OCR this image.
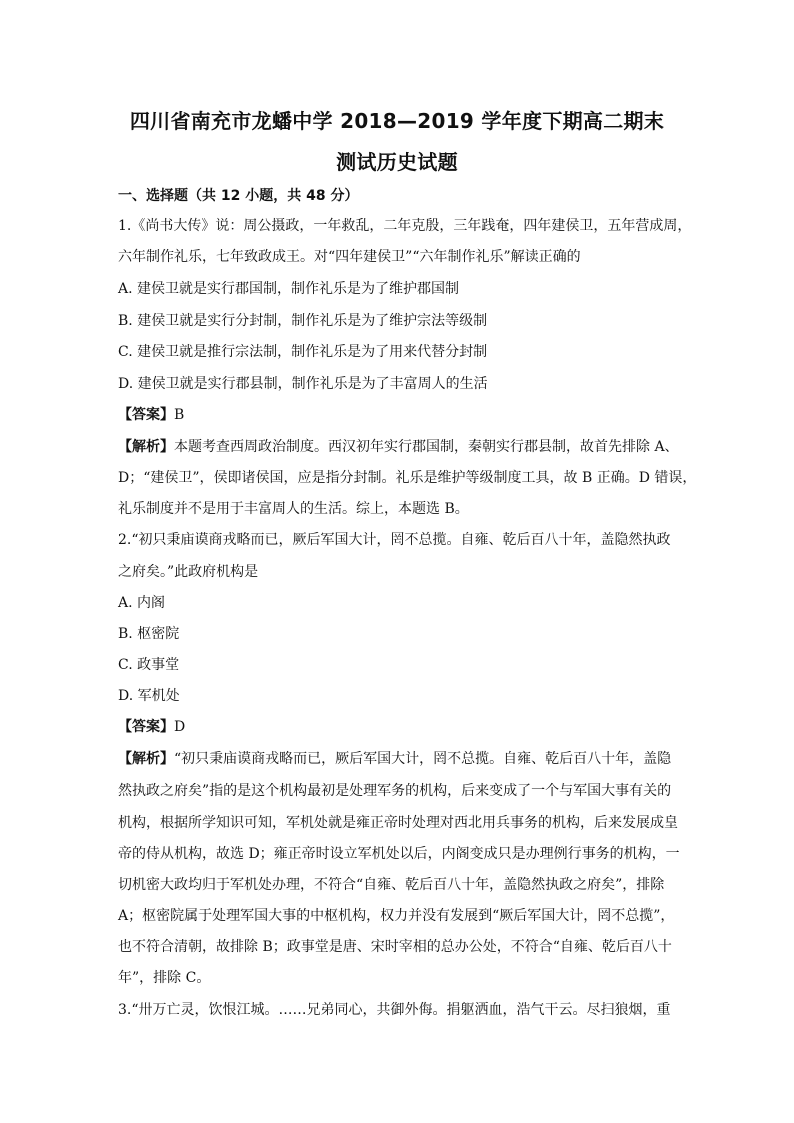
四川省南充市龙蟠中学 2018—2019 学年度下期高二期末
测试历史试题
一、选择题（共 12 小题，共 48 分）
1.《尚书大传》说：周公摄政，一年救乱，二年克殷，三年践奄，四年建侯卫，五年营成周，
六年制作礼乐，七年致政成王。对“四年建侯卫”“六年制作礼乐”解读正确的
A. 建侯卫就是实行郡国制，制作礼乐是为了维护郡国制
B. 建侯卫就是实行分封制，制作礼乐是为了维护宗法等级制
C. 建侯卫就是推行宗法制，制作礼乐是为了用来代替分封制
D. 建侯卫就是实行郡县制，制作礼乐是为了丰富周人的生活
【答案】B
【解析】本题考查西周政治制度。西汉初年实行郡国制，秦朝实行郡县制，故首先排除 A、
D；“建侯卫”，侯即诸侯国，应是指分封制。礼乐是维护等级制度工具，故 B 正确。D 错误，
礼乐制度并不是用于丰富周人的生活。综上，本题选 B。
2.“初只秉庙谟商戎略而已，厥后军国大计，罔不总揽。自雍、乾后百八十年，盖隐然执政
之府矣。”此政府机构是
A. 内阁
B. 枢密院
C. 政事堂
D. 军机处
【答案】D
【解析】“初只秉庙谟商戎略而已，厥后军国大计，罔不总揽。自雍、乾后百八十年，盖隐
然执政之府矣”指的是这个机构最初是处理军务的机构，后来变成了一个与军国大事有关的
机构，根据所学知识可知，军机处就是雍正帝时处理对西北用兵事务的机构，后来发展成皇
帝的侍从机构，故选 D；雍正帝时设立军机处以后，内阁变成只是办理例行事务的机构，一
切机密大政均归于军机处办理，不符合“自雍、乾后百八十年，盖隐然执政之府矣”，排除
A；枢密院属于处理军国大事的中枢机构，权力并没有发展到“厥后军国大计，罔不总揽”，
也不符合清朝，故排除 B；政事堂是唐、宋时宰相的总办公处，不符合“自雍、乾后百八十
年”，排除 C。
3.“卅万亡灵，饮恨江城。……兄弟同心，共御外侮。捐躯洒血，浩气干云。尽扫狼烟，重
